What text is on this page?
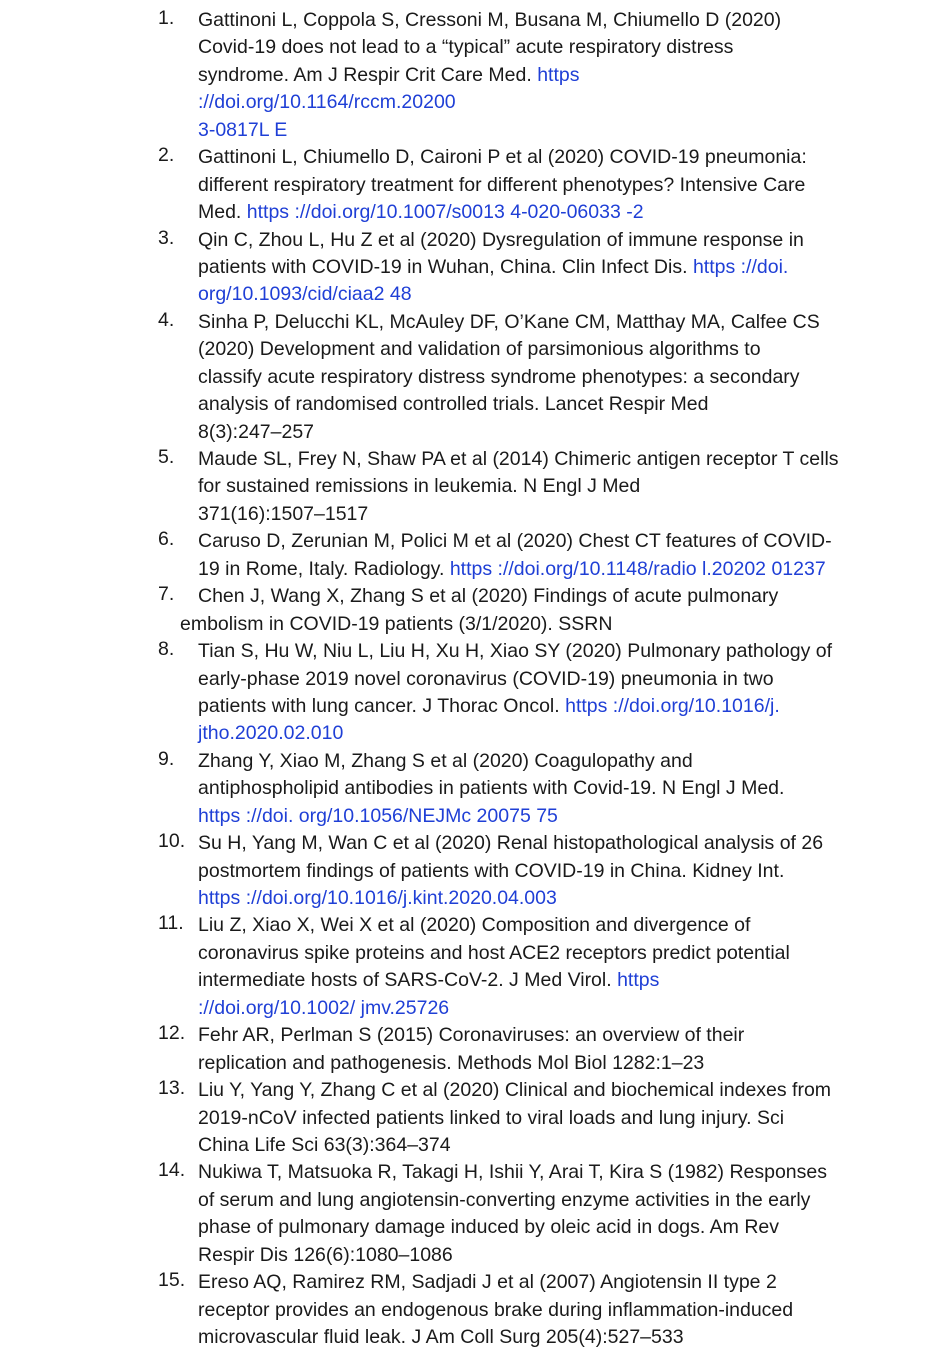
1.	Gattinoni L, Coppola S, Cressoni M, Busana M, Chiumello D (2020)
Covid-19 does not lead to a “typical” acute respiratory distress
syndrome. Am J Respir Crit Care Med. https
://doi.org/10.1164/rccm.20200
3-0817L E
2.	Gattinoni L, Chiumello D, Caironi P et al (2020) COVID-19 pneumonia:
different respiratory treatment for different phenotypes? Intensive Care
Med. https ://doi.org/10.1007/s0013 4-020-06033 -2
3.	Qin C, Zhou L, Hu Z et al (2020) Dysregulation of immune response in
patients with COVID-19 in Wuhan, China. Clin Infect Dis. https ://doi.
org/10.1093/cid/ciaa2 48
4.	Sinha P, Delucchi KL, McAuley DF, O’Kane CM, Matthay MA, Calfee CS
(2020) Development and validation of parsimonious algorithms to
classify acute respiratory distress syndrome phenotypes: a secondary
analysis of randomised controlled trials. Lancet Respir Med
8(3):247–257
5.	Maude SL, Frey N, Shaw PA et al (2014) Chimeric antigen receptor T cells
for sustained remissions in leukemia. N Engl J Med
371(16):1507–1517
6.	Caruso D, Zerunian M, Polici M et al (2020) Chest CT features of COVID-
19 in Rome, Italy. Radiology. https ://doi.org/10.1148/radio l.20202 01237
7.	Chen J, Wang X, Zhang S et al (2020) Findings of acute pulmonary
embolism in COVID-19 patients (3/1/2020). SSRN
8.	Tian S, Hu W, Niu L, Liu H, Xu H, Xiao SY (2020) Pulmonary pathology of
early-phase 2019 novel coronavirus (COVID-19) pneumonia in two
patients with lung cancer. J Thorac Oncol. https ://doi.org/10.1016/j.
jtho.2020.02.010
9.	Zhang Y, Xiao M, Zhang S et al (2020) Coagulopathy and
antiphospholipid antibodies in patients with Covid-19. N Engl J Med.
https ://doi. org/10.1056/NEJMc 20075 75
10. Su H, Yang M, Wan C et al (2020) Renal histopathological analysis of 26
postmortem findings of patients with COVID-19 in China. Kidney Int.
https ://doi.org/10.1016/j.kint.2020.04.003
11. Liu Z, Xiao X, Wei X et al (2020) Composition and divergence of
coronavirus spike proteins and host ACE2 receptors predict potential
intermediate hosts of SARS-CoV-2. J Med Virol. https
://doi.org/10.1002/ jmv.25726
12. Fehr AR, Perlman S (2015) Coronaviruses: an overview of their
replication and pathogenesis. Methods Mol Biol 1282:1–23
13. Liu Y, Yang Y, Zhang C et al (2020) Clinical and biochemical indexes from
2019-nCoV infected patients linked to viral loads and lung injury. Sci
China Life Sci 63(3):364–374
14. Nukiwa T, Matsuoka R, Takagi H, Ishii Y, Arai T, Kira S (1982) Responses
of serum and lung angiotensin-converting enzyme activities in the early
phase of pulmonary damage induced by oleic acid in dogs. Am Rev
Respir Dis 126(6):1080–1086
15. Ereso AQ, Ramirez RM, Sadjadi J et al (2007) Angiotensin II type 2
receptor provides an endogenous brake during inflammation-induced
microvascular fluid leak. J Am Coll Surg 205(4):527–533
